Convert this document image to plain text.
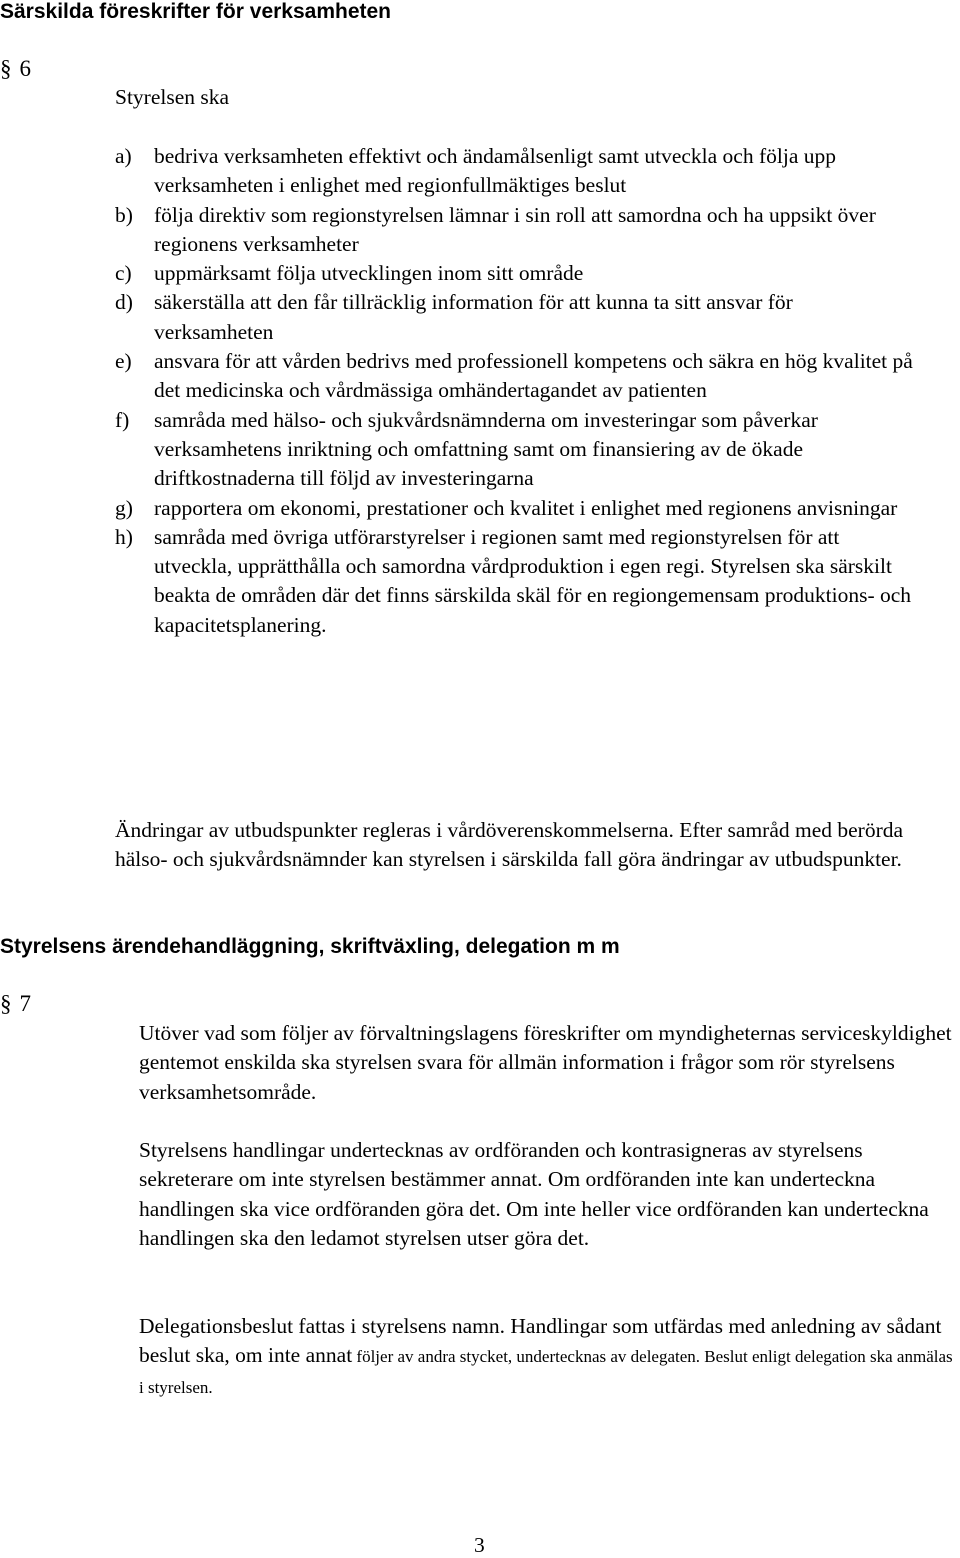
Särskilda föreskrifter för verksamheten
§ 6
Styrelsen ska
a)	bedriva verksamheten effektivt och ändamålsenligt samt utveckla och följa upp verksamheten i enlighet med regionfullmäktiges beslut
b) följa direktiv som regionstyrelsen lämnar i sin roll att samordna och ha uppsikt över regionens verksamheter
c)	uppmärksamt följa utvecklingen inom sitt område
d) säkerställa att den får tillräcklig information för att kunna ta sitt ansvar för verksamheten
e)	ansvara för att vården bedrivs med professionell kompetens och säkra en hög kvalitet på det medicinska och vårdmässiga omhändertagandet av patienten
f)	samråda med hälso- och sjukvårdsnämnderna om investeringar som påverkar verksamhetens inriktning och omfattning samt om finansiering av de ökade driftkostnaderna till följd av investeringarna
g) rapportera om ekonomi, prestationer och kvalitet i enlighet med regionens anvisningar
h) samråda med övriga utförarstyrelser i regionen samt med regionstyrelsen för att utveckla, upprätthålla och samordna vårdproduktion i egen regi. Styrelsen ska särskilt beakta de områden där det finns särskilda skäl för en regiongemensam produktions- och kapacitetsplanering.
Ändringar av utbudspunkter regleras i vårdöverenskommelserna. Efter samråd med berörda hälso- och sjukvårdsnämnder kan styrelsen i särskilda fall göra ändringar av utbudspunkter.
Styrelsens ärendehandläggning, skriftväxling, delegation m m
§ 7

Utöver vad som följer av förvaltningslagens föreskrifter om myndigheternas serviceskyldighet gentemot enskilda ska styrelsen svara för allmän information i frågor som rör styrelsens verksamhetsområde.

Styrelsens handlingar undertecknas av ordföranden och kontrasigneras av styrelsens sekreterare om inte styrelsen bestämmer annat. Om ordföranden inte kan underteckna handlingen ska vice ordföranden göra det. Om inte heller vice ordföranden kan underteckna handlingen ska den ledamot styrelsen utser göra det.

Delegationsbeslut fattas i styrelsens namn. Handlingar som utfärdas med anledning av sådant beslut ska, om inte annat följer av andra stycket, undertecknas av delegaten. Beslut enligt delegation ska anmälas i styrelsen.

3
